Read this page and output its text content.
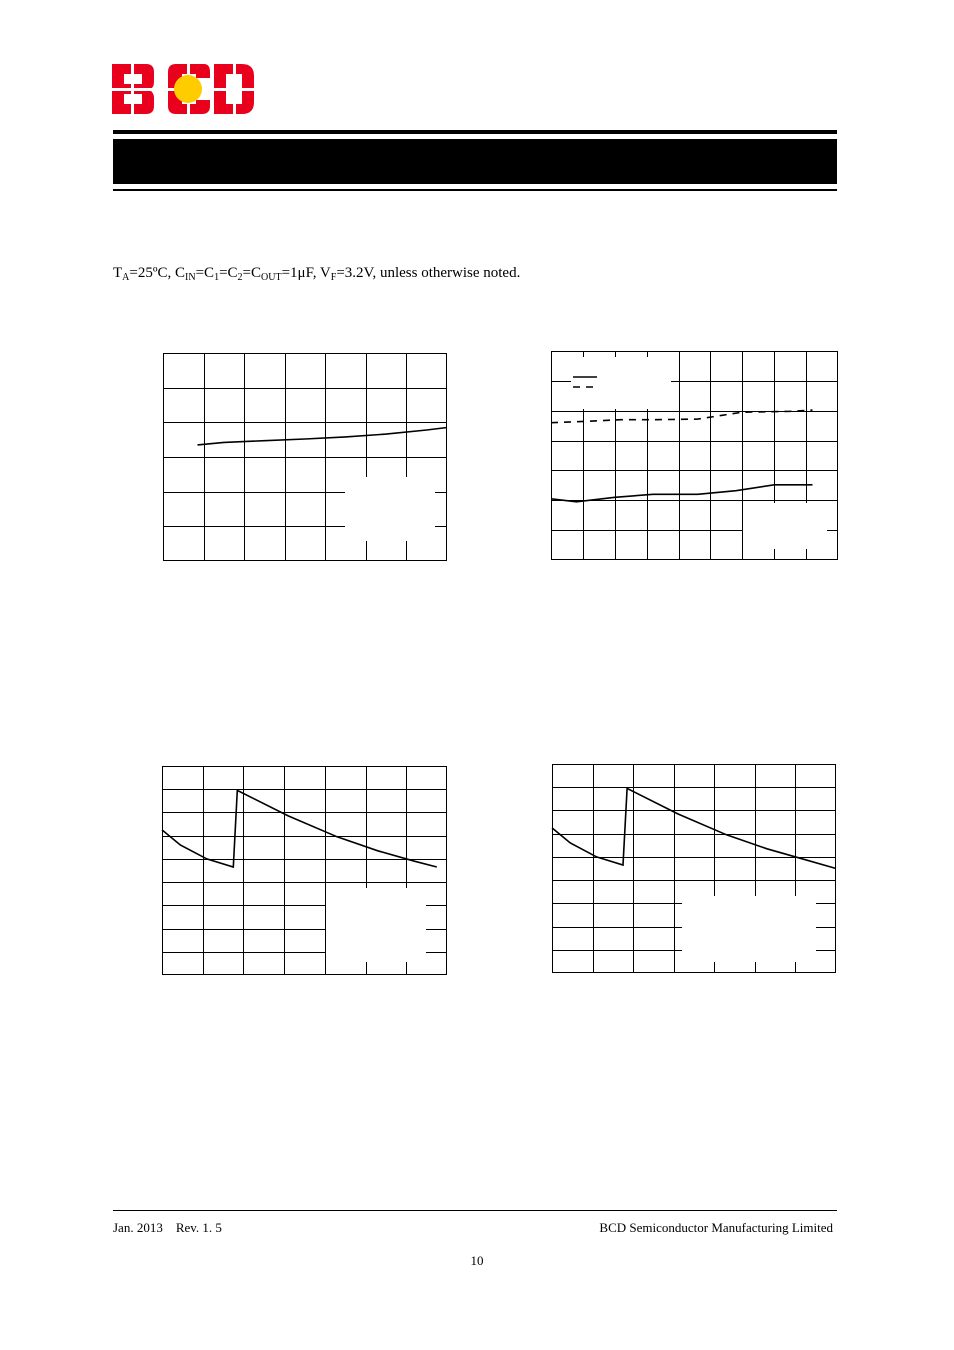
$T_A=25ºC$, $C_{IN}=C_1=C_2=C_{OUT}=1\mu F$, $V_F=3.2V$, unless otherwise noted.
Jan. 2013    Rev. 1. 5	BCD Semiconductor Manufacturing Limited
10
